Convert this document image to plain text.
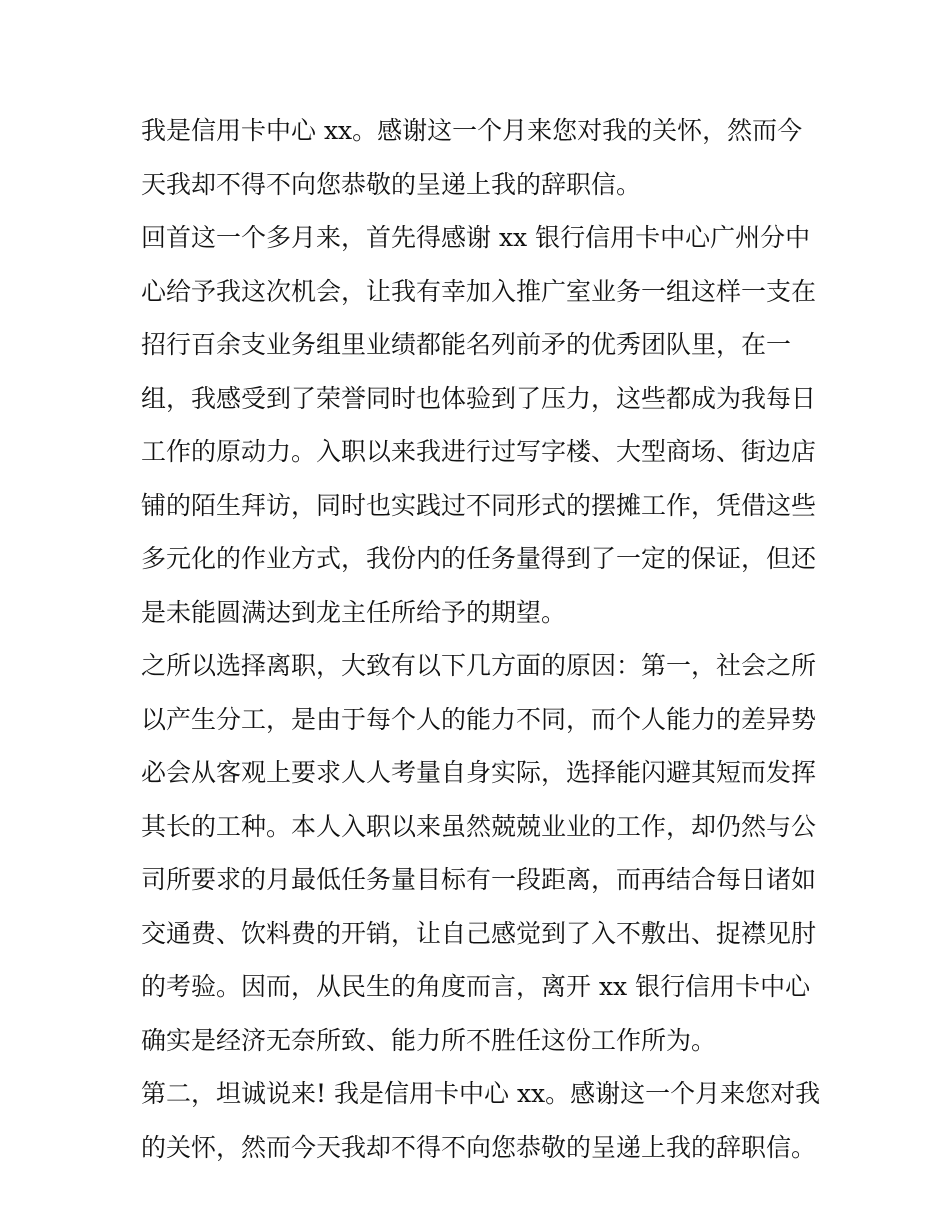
我是信用卡中心 xx。感谢这一个月来您对我的关怀，然而今
天我却不得不向您恭敬的呈递上我的辞职信。
回首这一个多月来，首先得感谢 xx 银行信用卡中心广州分中
心给予我这次机会，让我有幸加入推广室业务一组这样一支在
招行百余支业务组里业绩都能名列前矛的优秀团队里，在一
组，我感受到了荣誉同时也体验到了压力，这些都成为我每日
工作的原动力。入职以来我进行过写字楼、大型商场、街边店
铺的陌生拜访，同时也实践过不同形式的摆摊工作，凭借这些
多元化的作业方式，我份内的任务量得到了一定的保证，但还
是未能圆满达到龙主任所给予的期望。
之所以选择离职，大致有以下几方面的原因：第一，社会之所
以产生分工，是由于每个人的能力不同，而个人能力的差异势
必会从客观上要求人人考量自身实际，选择能闪避其短而发挥
其长的工种。本人入职以来虽然兢兢业业的工作，却仍然与公
司所要求的月最低任务量目标有一段距离，而再结合每日诸如
交通费、饮料费的开销，让自己感觉到了入不敷出、捉襟见肘
的考验。因而，从民生的角度而言，离开 xx 银行信用卡中心
确实是经济无奈所致、能力所不胜任这份工作所为。
第二，坦诚说来! 我是信用卡中心 xx。感谢这一个月来您对我
的关怀，然而今天我却不得不向您恭敬的呈递上我的辞职信。
